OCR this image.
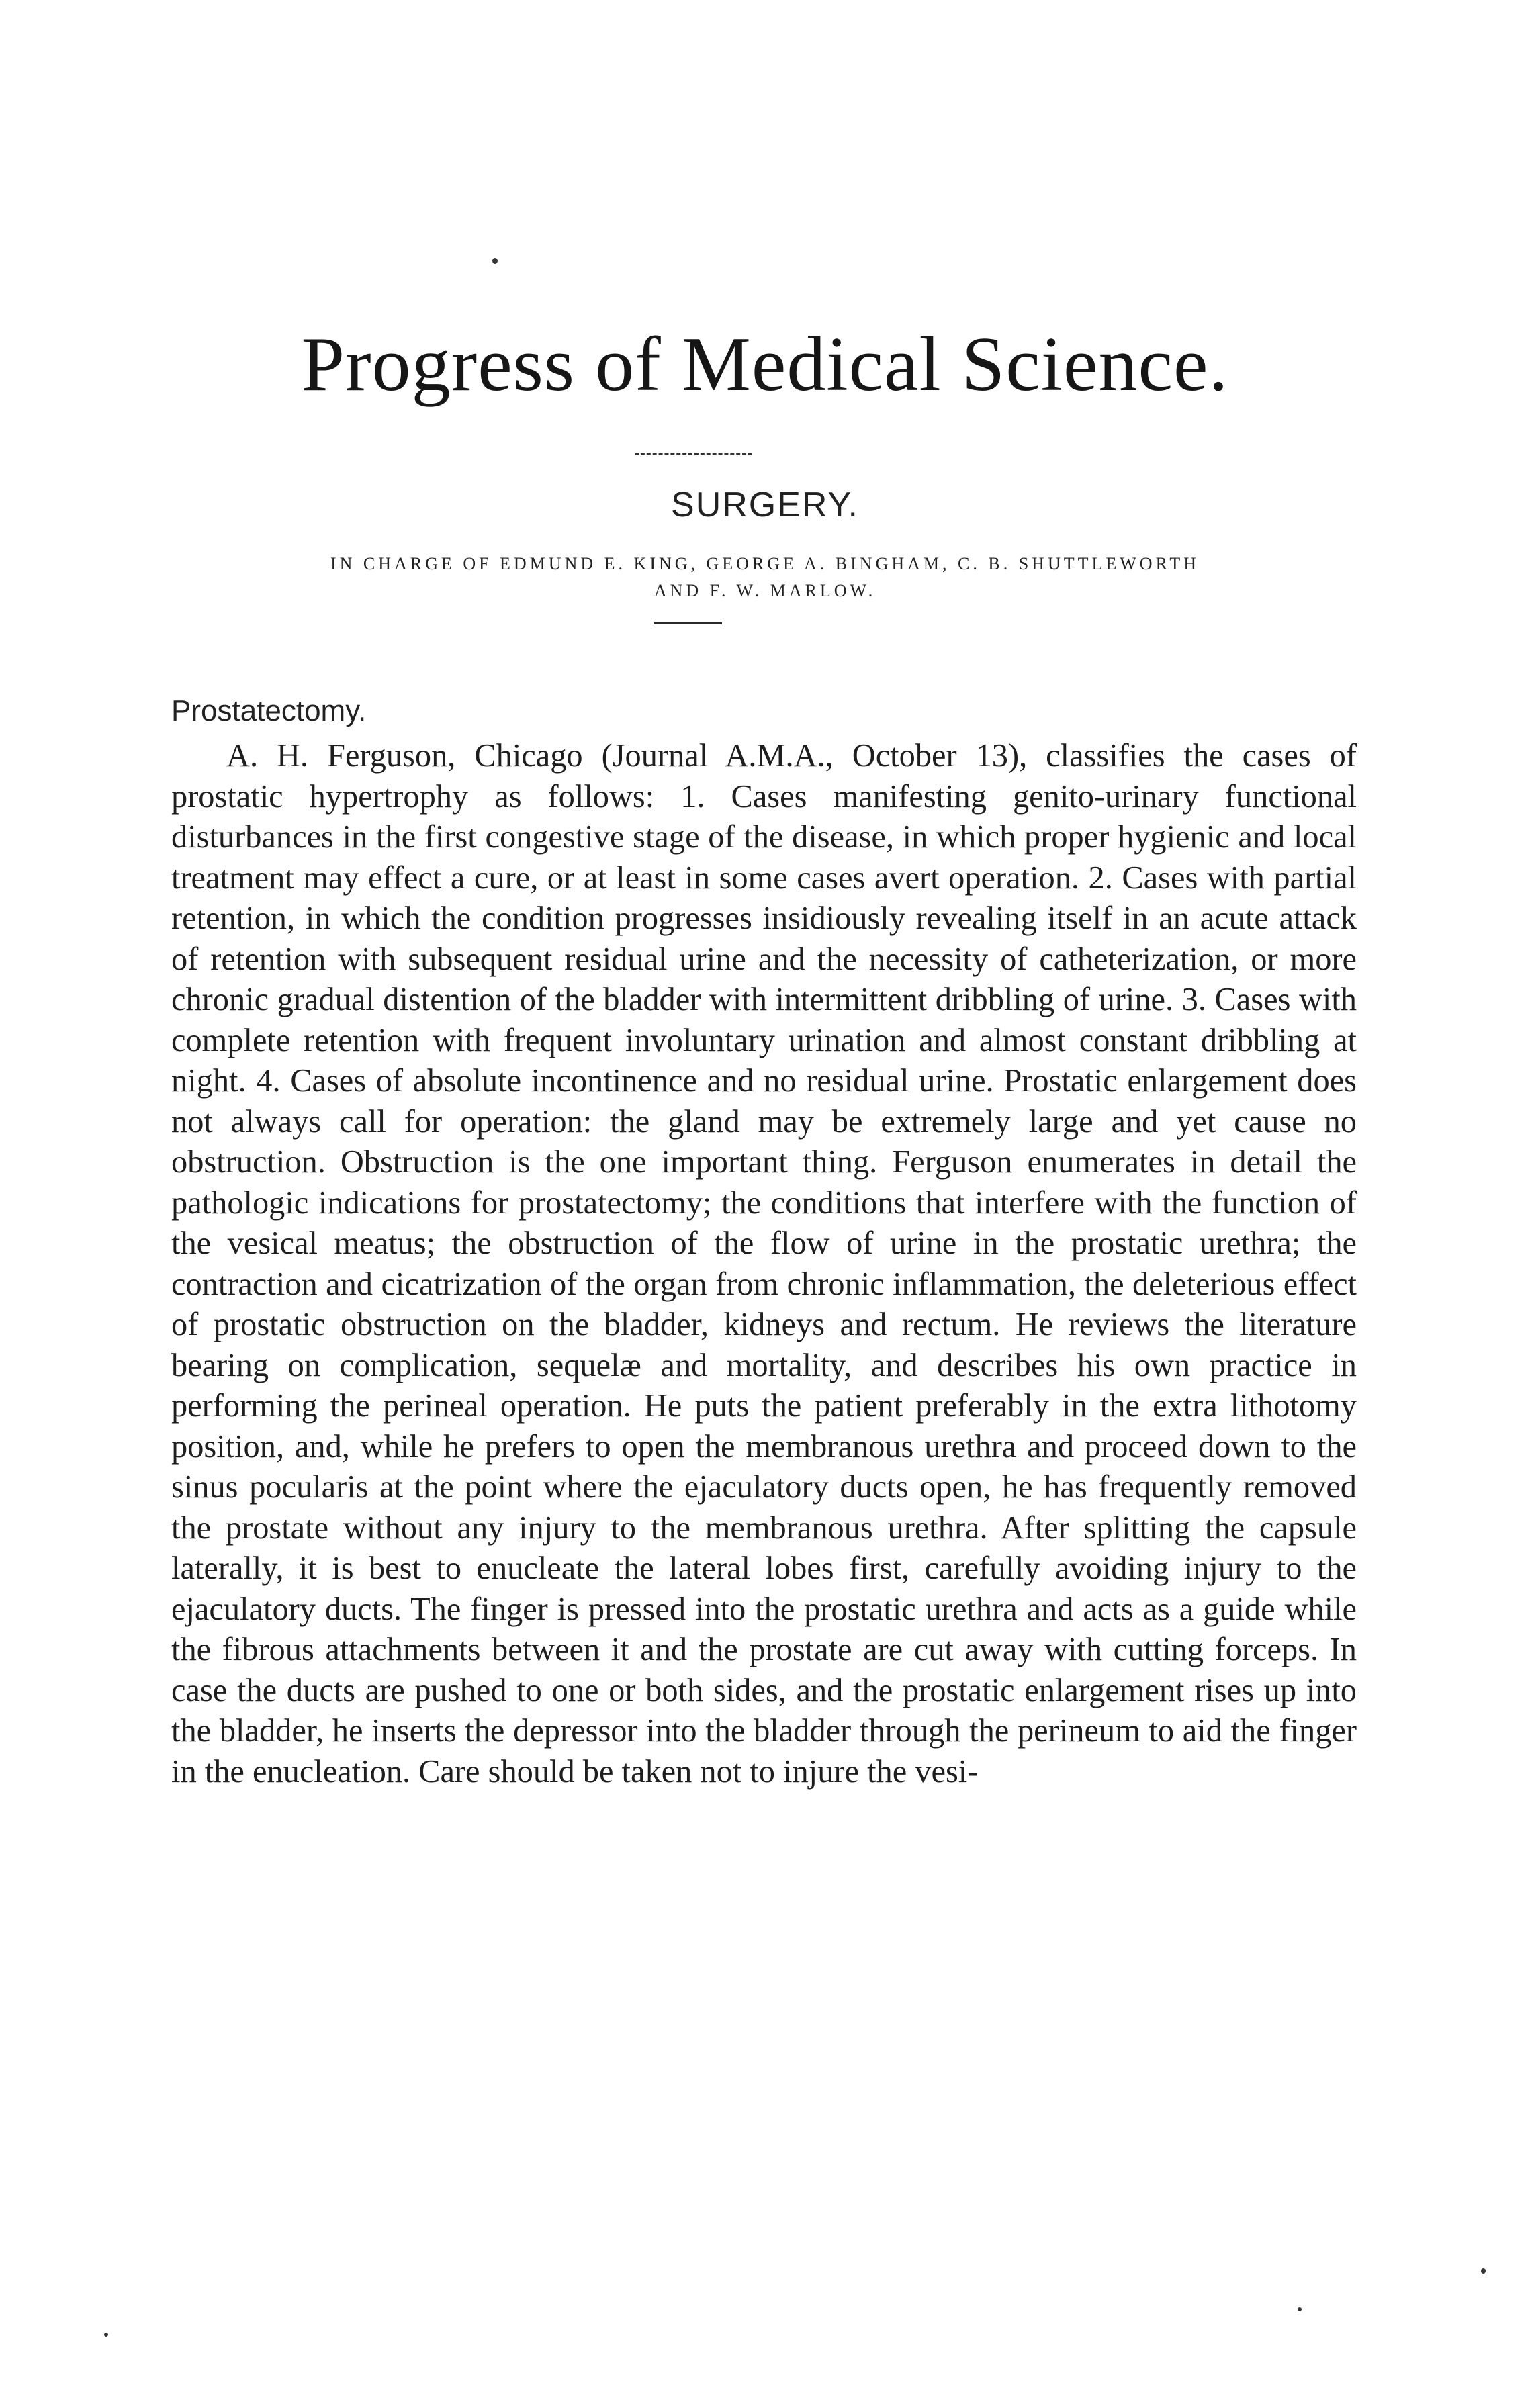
Progress of Medical Science.
SURGERY.
IN CHARGE OF EDMUND E. KING, GEORGE A. BINGHAM, C. B. SHUTTLEWORTH
AND F. W. MARLOW.
Prostatectomy.

A. H. Ferguson, Chicago (Journal A.M.A., October 13), classifies the cases of prostatic hypertrophy as follows: 1. Cases manifesting genito-urinary functional disturbances in the first congestive stage of the disease, in which proper hygienic and local treatment may effect a cure, or at least in some cases avert operation. 2. Cases with partial retention, in which the condition progresses insidiously revealing itself in an acute attack of retention with subsequent residual urine and the necessity of catheterization, or more chronic gradual distention of the bladder with intermittent dribbling of urine. 3. Cases with complete retention with frequent involuntary urination and almost constant dribbling at night. 4. Cases of absolute incontinence and no residual urine. Prostatic enlargement does not always call for operation: the gland may be extremely large and yet cause no obstruction. Obstruction is the one important thing. Ferguson enumerates in detail the pathologic indications for prostatectomy; the conditions that interfere with the function of the vesical meatus; the obstruction of the flow of urine in the prostatic urethra; the contraction and cicatrization of the organ from chronic inflammation, the deleterious effect of prostatic obstruction on the bladder, kidneys and rectum. He reviews the literature bearing on complication, sequelæ and mortality, and describes his own practice in performing the perineal operation. He puts the patient preferably in the extra lithotomy position, and, while he prefers to open the membranous urethra and proceed down to the sinus pocularis at the point where the ejaculatory ducts open, he has frequently removed the prostate without any injury to the membranous urethra. After splitting the capsule laterally, it is best to enucleate the lateral lobes first, carefully avoiding injury to the ejaculatory ducts. The finger is pressed into the prostatic urethra and acts as a guide while the fibrous attachments between it and the prostate are cut away with cutting forceps. In case the ducts are pushed to one or both sides, and the prostatic enlargement rises up into the bladder, he inserts the depressor into the bladder through the perineum to aid the finger in the enucleation. Care should be taken not to injure the vesi-
